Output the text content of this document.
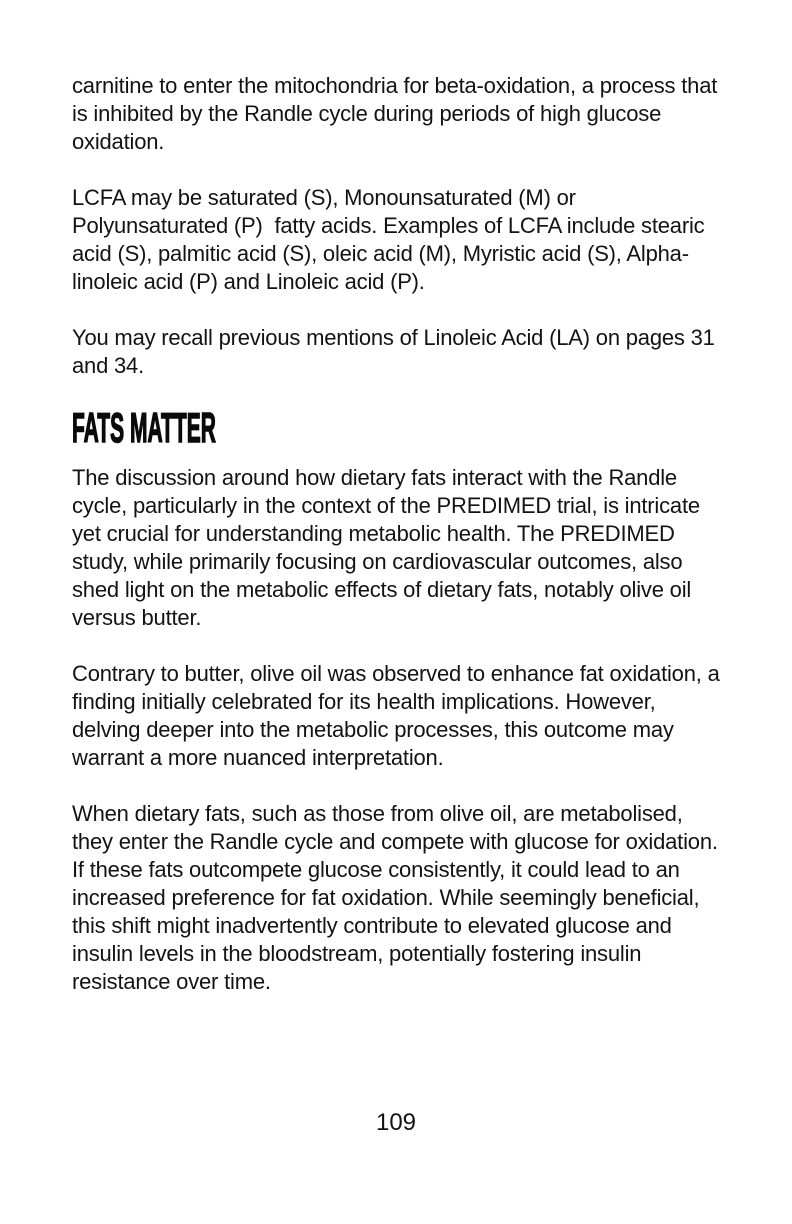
carnitine to enter the mitochondria for beta-oxidation, a process that is inhibited by the Randle cycle during periods of high glucose oxidation.

LCFA may be saturated (S), Monounsaturated (M) or Polyunsaturated (P)  fatty acids. Examples of LCFA include stearic acid (S), palmitic acid (S), oleic acid (M), Myristic acid (S), Alpha-linoleic acid (P) and Linoleic acid (P).

You may recall previous mentions of Linoleic Acid (LA) on pages 31 and 34.

FATS MATTER

The discussion around how dietary fats interact with the Randle cycle, particularly in the context of the PREDIMED trial, is intricate yet crucial for understanding metabolic health. The PREDIMED study, while primarily focusing on cardiovascular outcomes, also shed light on the metabolic effects of dietary fats, notably olive oil versus butter.

Contrary to butter, olive oil was observed to enhance fat oxidation, a finding initially celebrated for its health implications. However, delving deeper into the metabolic processes, this outcome may warrant a more nuanced interpretation.

When dietary fats, such as those from olive oil, are metabolised, they enter the Randle cycle and compete with glucose for oxidation. If these fats outcompete glucose consistently, it could lead to an increased preference for fat oxidation. While seemingly beneficial, this shift might inadvertently contribute to elevated glucose and insulin levels in the bloodstream, potentially fostering insulin resistance over time.

109
